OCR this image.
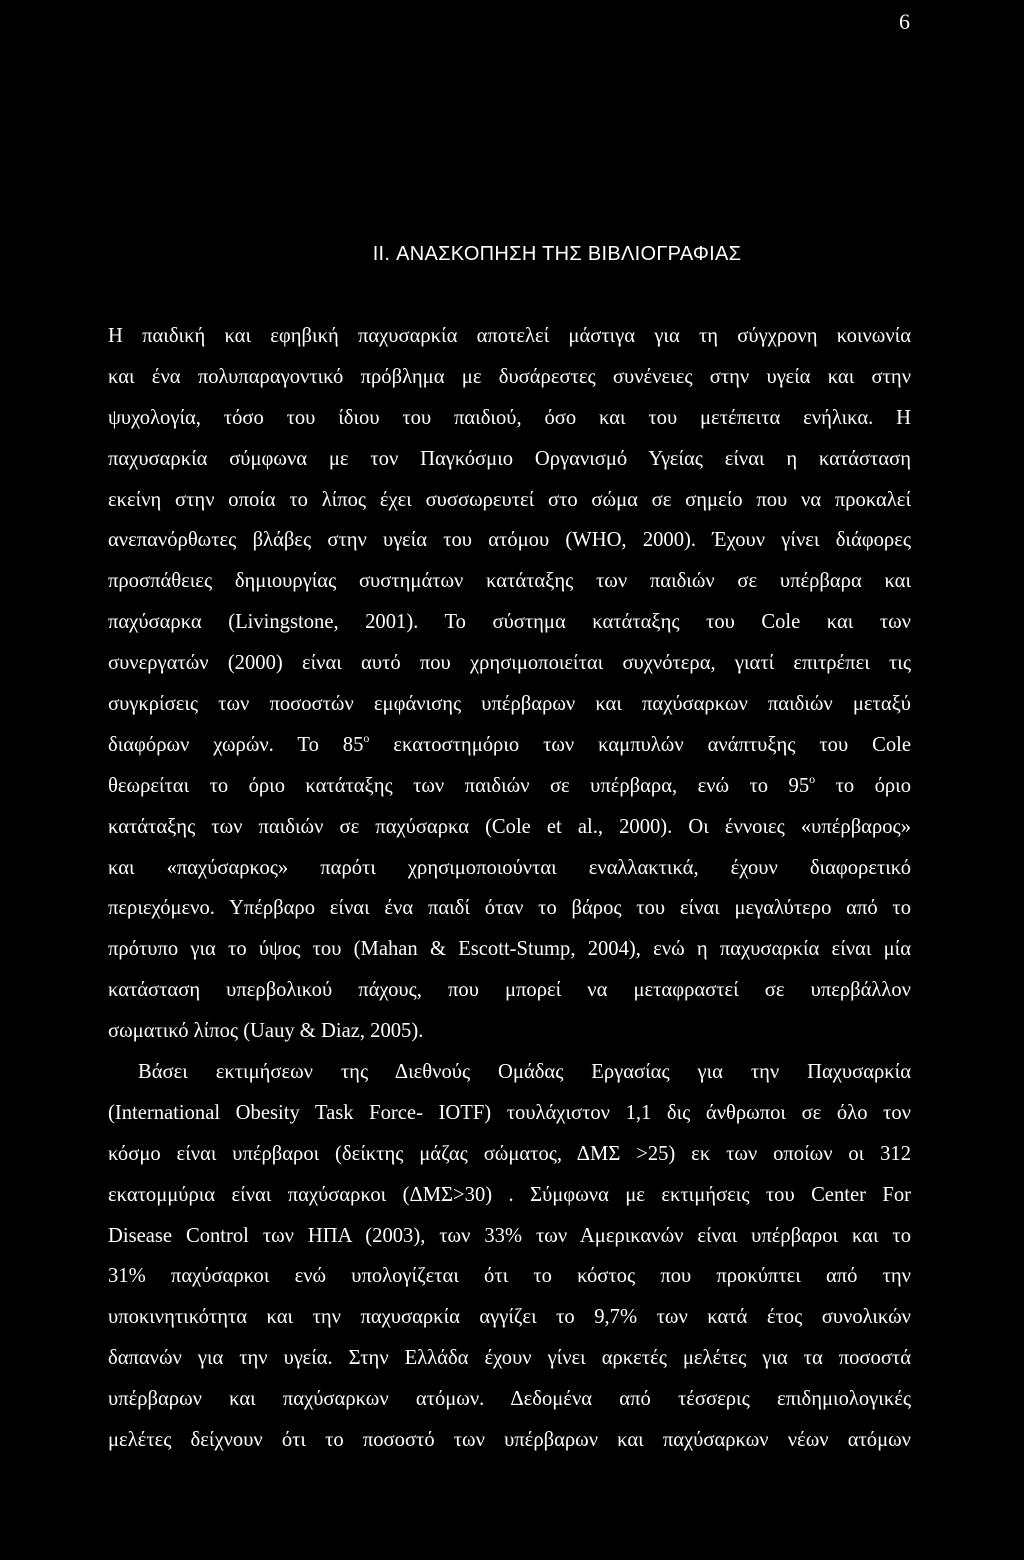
6
II. ΑΝΑΣΚΟΠΗΣΗ ΤΗΣ ΒΙΒΛΙΟΓΡΑΦΙΑΣ
Η παιδική και εφηβική παχυσαρκία αποτελεί μάστιγα για τη σύγχρονη κοινωνία
και ένα πολυπαραγοντικό πρόβλημα με δυσάρεστες συνένειες στην υγεία και στην
ψυχολογία, τόσο του ίδιου του παιδιού, όσο και του μετέπειτα ενήλικα. Η
παχυσαρκία σύμφωνα με τον Παγκόσμιο Οργανισμό Υγείας είναι η κατάσταση
εκείνη στην οποία το λίπος έχει συσσωρευτεί στο σώμα σε σημείο που να προκαλεί
ανεπανόρθωτες βλάβες στην υγεία του ατόμου (WHO, 2000). Έχουν γίνει διάφορες
προσπάθειες δημιουργίας συστημάτων κατάταξης των παιδιών σε υπέρβαρα και
παχύσαρκα (Livingstone, 2001). Το σύστημα κατάταξης του Cole και των
συνεργατών (2000) είναι αυτό που χρησιμοποιείται συχνότερα, γιατί επιτρέπει τις
συγκρίσεις των ποσοστών εμφάνισης υπέρβαρων και παχύσαρκων παιδιών μεταξύ
διαφόρων χωρών. Το $85^o$ εκατοστημόριο των καμπυλών ανάπτυξης του Cole
θεωρείται το όριο κατάταξης των παιδιών σε υπέρβαρα, ενώ το $95^o$ το όριο
κατάταξης των παιδιών σε παχύσαρκα (Cole et al., 2000). Οι έννοιες «υπέρβαρος»
και «παχύσαρκος» παρότι χρησιμοποιούνται εναλλακτικά, έχουν διαφορετικό
περιεχόμενο. Υπέρβαρο είναι ένα παιδί όταν το βάρος του είναι μεγαλύτερο από το
πρότυπο για το ύψος του (Mahan & Escott-Stump, 2004), ενώ η παχυσαρκία είναι μία
κατάσταση υπερβολικού πάχους, που μπορεί να μεταφραστεί σε υπερβάλλον
σωματικό λίπος (Uauy & Diaz, 2005).
Βάσει εκτιμήσεων της Διεθνούς Ομάδας Εργασίας για την Παχυσαρκία
(International Obesity Task Force- IOTF) τουλάχιστον 1,1 δις άνθρωποι σε όλο τον
κόσμο είναι υπέρβαροι (δείκτης μάζας σώματος, ΔΜΣ >25) εκ των οποίων οι 312
εκατομμύρια είναι παχύσαρκοι (ΔΜΣ>30) . Σύμφωνα με εκτιμήσεις του Center For
Disease Control των ΗΠΑ (2003), των 33% των Αμερικανών είναι υπέρβαροι και το
31% παχύσαρκοι ενώ υπολογίζεται ότι το κόστος που προκύπτει από την
υποκινητικότητα και την παχυσαρκία αγγίζει το 9,7% των κατά έτος συνολικών
δαπανών για την υγεία. Στην Ελλάδα έχουν γίνει αρκετές μελέτες για τα ποσοστά
υπέρβαρων και παχύσαρκων ατόμων. Δεδομένα από τέσσερις επιδημιολογικές
μελέτες δείχνουν ότι το ποσοστό των υπέρβαρων και παχύσαρκων νέων ατόμων
